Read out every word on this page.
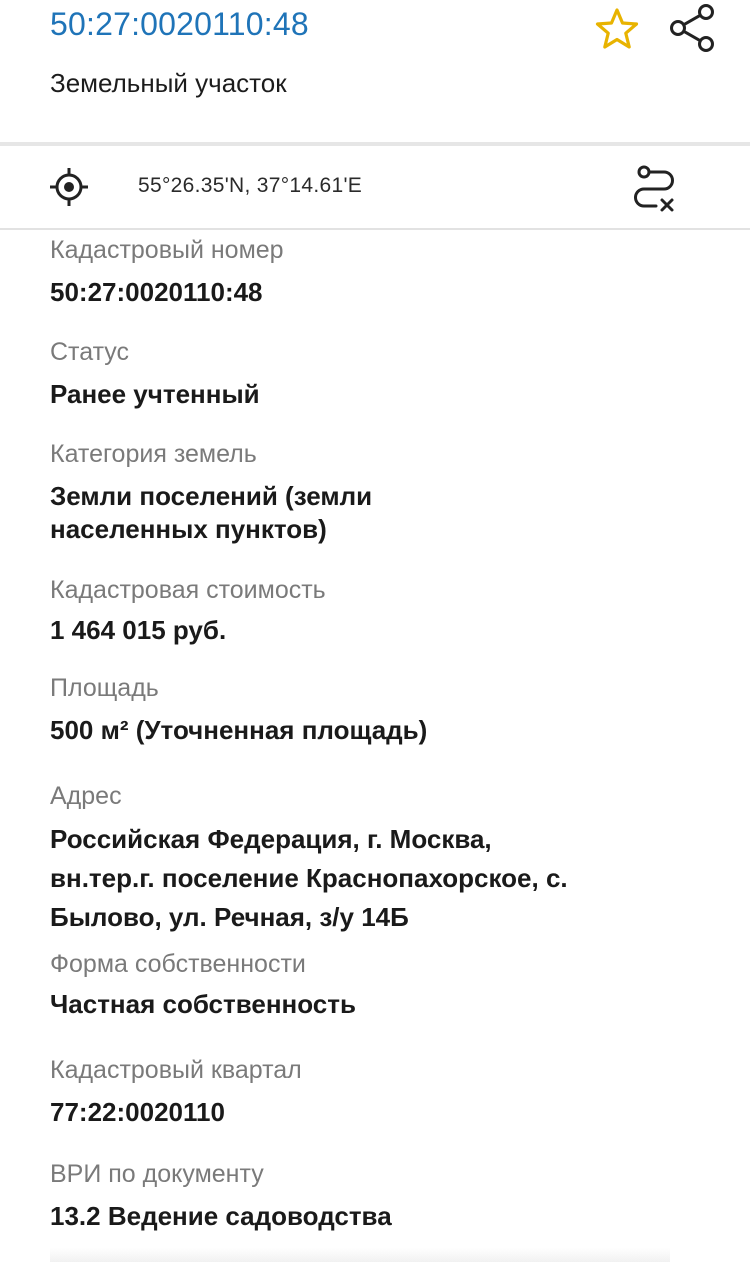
50:27:0020110:48
Земельный участок
55°26.35'N, 37°14.61'E
Кадастровый номер
50:27:0020110:48
Статус
Ранее учтенный
Категория земель
Земли поселений (земли
населенных пунктов)
Кадастровая стоимость
1 464 015 руб.
Площадь
500 м² (Уточненная площадь)
Адрес
Российская Федерация, г. Москва,
вн.тер.г. поселение Краснопахорское, с.
Былово, ул. Речная, з/у 14Б
Форма собственности
Частная собственность
Кадастровый квартал
77:22:0020110
ВРИ по документу
13.2 Ведение садоводства
